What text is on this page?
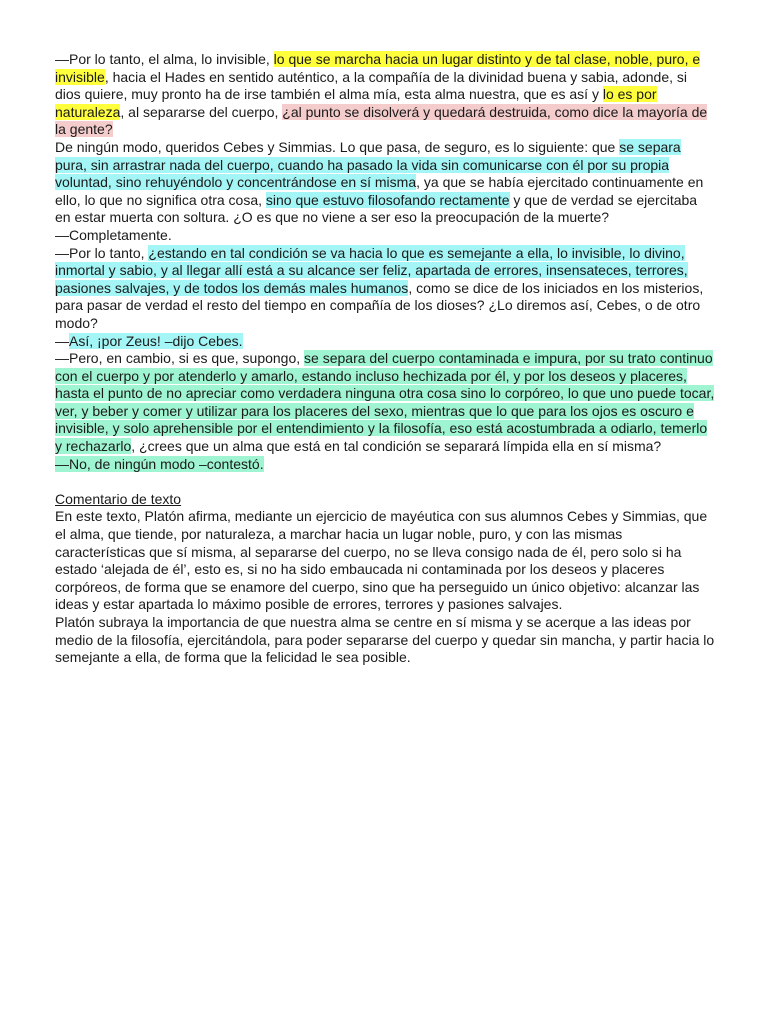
—Por lo tanto, el alma, lo invisible, lo que se marcha hacia un lugar distinto y de tal clase, noble, puro, e invisible, hacia el Hades en sentido auténtico, a la compañía de la divinidad buena y sabia, adonde, si dios quiere, muy pronto ha de irse también el alma mía, esta alma nuestra, que es así y lo es por naturaleza, al separarse del cuerpo, ¿al punto se disolverá y quedará destruida, como dice la mayoría de la gente?

De ningún modo, queridos Cebes y Simmias. Lo que pasa, de seguro, es lo siguiente: que se separa pura, sin arrastrar nada del cuerpo, cuando ha pasado la vida sin comunicarse con él por su propia voluntad, sino rehuyéndolo y concentrándose en sí misma, ya que se había ejercitado continuamente en ello, lo que no significa otra cosa, sino que estuvo filosofando rectamente y que de verdad se ejercitaba en estar muerta con soltura. ¿O es que no viene a ser eso la preocupación de la muerte?

—Completamente.

—Por lo tanto, ¿estando en tal condición se va hacia lo que es semejante a ella, lo invisible, lo divino, inmortal y sabio, y al llegar allí está a su alcance ser feliz, apartada de errores, insensateces, terrores, pasiones salvajes, y de todos los demás males humanos, como se dice de los iniciados en los misterios, para pasar de verdad el resto del tiempo en compañía de los dioses? ¿Lo diremos así, Cebes, o de otro modo?

—Así, ¡por Zeus! –dijo Cebes.

—Pero, en cambio, si es que, supongo, se separa del cuerpo contaminada e impura, por su trato continuo con el cuerpo y por atenderlo y amarlo, estando incluso hechizada por él, y por los deseos y placeres, hasta el punto de no apreciar como verdadera ninguna otra cosa sino lo corpóreo, lo que uno puede tocar, ver, y beber y comer y utilizar para los placeres del sexo, mientras que lo que para los ojos es oscuro e invisible, y solo aprehensible por el entendimiento y la filosofía, eso está acostumbrada a odiarlo, temerlo y rechazarlo, ¿crees que un alma que está en tal condición se separará límpida ella en sí misma?

—No, de ningún modo –contestó.

Comentario de texto

En este texto, Platón afirma, mediante un ejercicio de mayéutica con sus alumnos Cebes y Simmias, que el alma, que tiende, por naturaleza, a marchar hacia un lugar noble, puro, y con las mismas características que sí misma, al separarse del cuerpo, no se lleva consigo nada de él, pero solo si ha estado ‘alejada de él’, esto es, si no ha sido embaucada ni contaminada por los deseos y placeres corpóreos, de forma que se enamore del cuerpo, sino que ha perseguido un único objetivo: alcanzar las ideas y estar apartada lo máximo posible de errores, terrores y pasiones salvajes.

Platón subraya la importancia de que nuestra alma se centre en sí misma y se acerque a las ideas por medio de la filosofía, ejercitándola, para poder separarse del cuerpo y quedar sin mancha, y partir hacia lo semejante a ella, de forma que la felicidad le sea posible.
